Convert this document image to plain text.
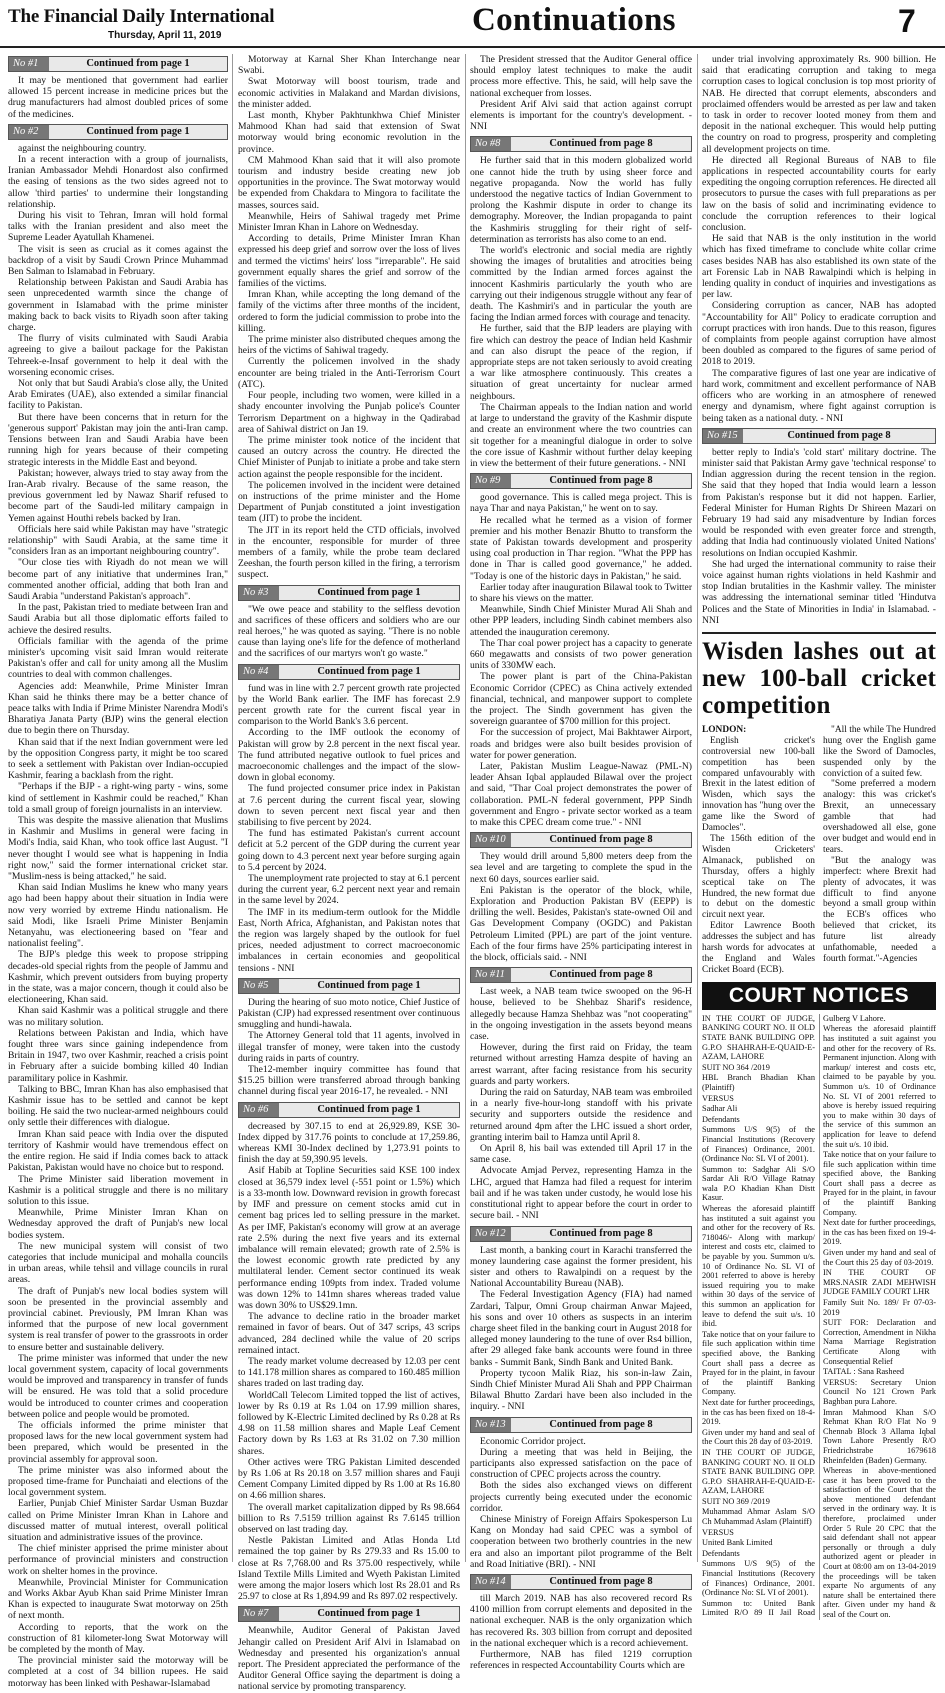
The Financial Daily International
Thursday, April 11, 2019	Continuations	7
No #1	Continued from page 1

It may be mentioned that government had earlier allowed 15 percent increase in medicine prices but the drug manufacturers had almost doubled prices of some of the medicines.

No #2	Continued from page 1

against the neighbouring country.

In a recent interaction with a group of journalists, Iranian Ambassador Mehdi Honardost also confirmed the easing of tensions as the two sides agreed not to allow 'third parties' to undermine their longstanding relationship.

During his visit to Tehran, Imran will hold formal talks with the Iranian president and also meet the Supreme Leader Ayatullah Khamenei.

The visit is seen as crucial as it comes against the backdrop of a visit by Saudi Crown Prince Muhammad Ben Salman to Islamabad in February.

Relationship between Pakistan and Saudi Arabia has seen unprecedented warmth since the change of government in Islamabad with the prime minister making back to back visits to Riyadh soon after taking charge.

The flurry of visits culminated with Saudi Arabia agreeing to give a bailout package for the Pakistan Tehreek-e-Insaf government to help it deal with the worsening economic crises.

Not only that but Saudi Arabia's close ally, the United Arab Emirates (UAE), also extended a similar financial facility to Pakistan.

But there have been concerns that in return for the 'generous support' Pakistan may join the anti-Iran camp. Tensions between Iran and Saudi Arabia have been running high for years because of their competing strategic interests in the Middle East and beyond.

Pakistan; however, always tried to stay away from the Iran-Arab rivalry. Because of the same reason, the previous government led by Nawaz Sharif refused to become part of the Saudi-led military campaign in Yemen against Houthi rebels backed by Iran.

Officials here said while Pakistan may have "strategic relationship" with Saudi Arabia, at the same time it "considers Iran as an important neighbouring country".

"Our close ties with Riyadh do not mean we will become part of any initiative that undermines Iran," commented another official, adding that both Iran and Saudi Arabia "understand Pakistan's approach".

In the past, Pakistan tried to mediate between Iran and Saudi Arabia but all those diplomatic efforts failed to achieve the desired results.

Officials familiar with the agenda of the prime minister's upcoming visit said Imran would reiterate Pakistan's offer and call for unity among all the Muslim countries to deal with common challenges.

Agencies add: Meanwhile, Prime Minister Imran Khan said he thinks there may be a better chance of peace talks with India if Prime Minister Narendra Modi's Bharatiya Janata Party (BJP) wins the general election due to begin there on Thursday.

Khan said that if the next Indian government were led by the opposition Congress party, it might be too scared to seek a settlement with Pakistan over Indian-occupied Kashmir, fearing a backlash from the right.

"Perhaps if the BJP - a right-wing party - wins, some kind of settlement in Kashmir could be reached," Khan told a small group of foreign journalists in an interview.

This was despite the massive alienation that Muslims in Kashmir and Muslims in general were facing in Modi's India, said Khan, who took office last August. "I never thought I would see what is happening in India right now," said the former international cricket star. "Muslim-ness is being attacked," he said.

Khan said Indian Muslims he knew who many years ago had been happy about their situation in India were now very worried by extreme Hindu nationalism. He said Modi, like Israeli Prime Minister Benjamin Netanyahu, was electioneering based on "fear and nationalist feeling".

The BJP's pledge this week to propose stripping decades-old special rights from the people of Jammu and Kashmir, which prevent outsiders from buying property in the state, was a major concern, though it could also be electioneering, Khan said.

Khan said Kashmir was a political struggle and there was no military solution.

Relations between Pakistan and India, which have fought three wars since gaining independence from Britain in 1947, two over Kashmir, reached a crisis point in February after a suicide bombing killed 40 Indian paramilitary police in Kashmir.

Talking to BBC, Imran Khan has also emphasised that Kashmir issue has to be settled and cannot be kept boiling. He said the two nuclear-armed neighbours could only settle their differences with dialogue.

Imran Khan said peace with India over the disputed territory of Kashmir would have tremendous effect on the entire region. He said if India comes back to attack Pakistan, Pakistan would have no choice but to respond.

The Prime Minister said liberation movement in Kashmir is a political struggle and there is no military solution to this issue.

Meanwhile, Prime Minister Imran Khan on Wednesday approved the draft of Punjab's new local bodies system.

The new municipal system will consist of two categories that include municipal and mohalla councils in urban areas, while tehsil and village councils in rural areas.

The draft of Punjab's new local bodies system will soon be presented in the provincial assembly and provincial cabinet. Previously, PM Imran Khan was informed that the purpose of new local government system is real transfer of power to the grassroots in order to ensure better and sustainable delivery.

The prime minister was informed that under the new local government system, capacity of local governments would be improved and transparency in transfer of funds will be ensured. He was told that a solid procedure would be introduced to counter crimes and cooperation between police and people would be promoted.

The officials informed the prime minister that proposed laws for the new local government system had been prepared, which would be presented in the provincial assembly for approval soon.

The prime minister was also informed about the proposed time-frame for Punchaiati and elections of the local government system.

Earlier, Punjab Chief Minister Sardar Usman Buzdar called on Prime Minister Imran Khan in Lahore and discussed matter of mutual interest, overall political situation and administrative issues of the province.

The chief minister apprised the prime minister about performance of provincial ministers and construction work on shelter homes in the province.

Meanwhile, Provincial Minister for Communication and Works Akbar Ayub Khan said Prime Minister Imran Khan is expected to inaugurate Swat motorway on 25th of next month.

According to reports, that the work on the construction of 81 kilometer-long Swat Motorway will be completed by the month of May.

The provincial minister said the motorway will be completed at a cost of 34 billion rupees. He said motorway has been linked with Peshawar-Islamabad

Motorway at Karnal Sher Khan Interchange near Swabi.

Swat Motorway will boost tourism, trade and economic activities in Malakand and Mardan divisions, the minister added.

Last month, Khyber Pakhtunkhwa Chief Minister Mahmood Khan had said that extension of Swat motorway would bring economic revolution in the province.

CM Mahmood Khan said that it will also promote tourism and industry beside creating new job opportunities in the province. The Swat motorway would be expended from Chakdara to Mingora to facilitate the masses, sources said.

Meanwhile, Heirs of Sahiwal tragedy met Prime Minister Imran Khan in Lahore on Wednesday.

According to details, Prime Minister Imran Khan expressed his deep grief and sorrow over the loss of lives and termed the victims' heirs' loss "irreparable". He said government equally shares the grief and sorrow of the families of the victims.

Imran Khan, while accepting the long demand of the family of the victims after three months of the incident, ordered to form the judicial commission to probe into the killing.

The prime minister also distributed cheques among the heirs of the victims of Sahiwal tragedy.

Currently the policemen involved in the shady encounter are being trialed in the Anti-Terrorism Court (ATC).

Four people, including two women, were killed in a shady encounter involving the Punjab police's Counter Terrorism Department on a highway in the Qadirabad area of Sahiwal district on Jan 19.

The prime minister took notice of the incident that caused an outcry across the country. He directed the Chief Minister of Punjab to initiate a probe and take stern action against the people responsible for the incident.

The policemen involved in the incident were detained on instructions of the prime minister and the Home Department of Punjab constituted a joint investigation team (JIT) to probe the incident.

The JIT in its report held the CTD officials, involved in the encounter, responsible for murder of three members of a family, while the probe team declared Zeeshan, the fourth person killed in the firing, a terrorism suspect.

No #3	Continued from page 1

"We owe peace and stability to the selfless devotion and sacrifices of these officers and soldiers who are our real heroes," he was quoted as saying. "There is no noble cause than laying one's life for the defence of motherland and the sacrifices of our martyrs won't go waste."

No #4	Continued from page 1

fund was in line with 2.7 percent growth rate projected by the World Bank earlier. The IMF has forecast 2.9 percent growth rate for the current fiscal year in comparison to the World Bank's 3.6 percent.

According to the IMF outlook the economy of Pakistan will grow by 2.8 percent in the next fiscal year. The fund attributed negative outlook to fuel prices and macroeconomic challenges and the impact of the slow-down in global economy.

The fund projected consumer price index in Pakistan at 7.6 percent during the current fiscal year, slowing down to seven percent next fiscal year and then stabilising to five percent by 2024.

The fund has estimated Pakistan's current account deficit at 5.2 percent of the GDP during the current year going down to 4.3 percent next year before surging again to 5.4 percent by 2024.

The unemployment rate projected to stay at 6.1 percent during the current year, 6.2 percent next year and remain in the same level by 2024.

The IMF in its medium-term outlook for the Middle East, North Africa, Afghanistan, and Pakistan notes that the region was largely shaped by the outlook for fuel prices, needed adjustment to correct macroeconomic imbalances in certain economies and geopolitical tensions - NNI

No #5	Continued from page 1

During the hearing of suo moto notice, Chief Justice of Pakistan (CJP) had expressed resentment over continuous smuggling and hundi-hawala.

The Attorney General told that 11 agents, involved in illegal transfer of money, were taken into the custody during raids in parts of country.

The12-member inquiry committee has found that $15.25 billion were transferred abroad through banking channel during fiscal year 2016-17, he revealed. - NNI

No #6	Continued from page 1

decreased by 307.15 to end at 26,929.89, KSE 30-Index dipped by 317.76 points to conclude at 17,259.86, whereas KMI 30-Index declined by 1,273.91 points to finish the day at 59,390.95 levels.

Asif Habib at Topline Securities said KSE 100 index closed at 36,579 index level (-551 point or 1.5%) which is a 33-month low. Downward revision in growth forecast by IMF and pressure on cement stocks amid cut in cement bag prices led to selling pressure in the market. As per IMF, Pakistan's economy will grow at an average rate 2.5% during the next five years and its external imbalance will remain elevated; growth rate of 2.5% is the lowest economic growth rate predicted by any multilateral lender. Cement sector continued its weak performance ending 109pts from index. Traded volume was down 12% to 141mn shares whereas traded value was down 30% to US$29.1mn.

The advance to decline ratio in the broader market remained in favor of bears. Out of 347 scrips, 43 scrips advanced, 284 declined while the value of 20 scrips remained intact.

The ready market volume decreased by 12.03 per cent to 141.178 million shares as compared to 160.485 million shares traded on last trading day.

WorldCall Telecom Limited topped the list of actives, lower by Rs 0.19 at Rs 1.04 on 17.99 million shares, followed by K-Electric Limited declined by Rs 0.28 at Rs 4.98 on 11.58 million shares and Maple Leaf Cement Factory down by Rs 1.63 at Rs 31.02 on 7.30 million shares.

Other actives were TRG Pakistan Limited descended by Rs 1.06 at Rs 20.18 on 3.57 million shares and Fauji Cement Company Limited dipped by Rs 1.00 at Rs 16.80 on 4.66 million shares.

The overall market capitalization dipped by Rs 98.664 billion to Rs 7.5159 trillion against Rs 7.6145 trillion observed on last trading day.

Nestle Pakistan Limited and Atlas Honda Ltd remained the top gainer by Rs 279.33 and Rs 15.00 to close at Rs 7,768.00 and Rs 375.00 respectively, while Island Textile Mills Limited and Wyeth Pakistan Limited were among the major losers which lost Rs 28.01 and Rs 25.97 to close at Rs 1,894.99 and Rs 897.02 respectively.

No #7	Continued from page 1

Meanwhile, Auditor General of Pakistan Javed Jehangir called on President Arif Alvi in Islamabad on Wednesday and presented his organization's annual report. The President appreciated the performance of the Auditor General Office saying the department is doing a national service by promoting transparency.

The President stressed that the Auditor General office should employ latest techniques to make the audit process more effective. This, he said, will help save the national exchequer from losses.

President Arif Alvi said that action against corrupt elements is important for the country's development. - NNI

No #8	Continued from page 8

He further said that in this modern globalized world one cannot hide the truth by using sheer force and negative propaganda. Now the world has fully understood the negative tactics of Indian Government to prolong the Kashmir dispute in order to change its demography. Moreover, the Indian propaganda to paint the Kashmiris struggling for their right of self-determination as terrorists has also come to an end.

The world's electronic and social media are rightly showing the images of brutalities and atrocities being committed by the Indian armed forces against the innocent Kashmiris particularly the youth who are carrying out their indigenous struggle without any fear of death. The Kashmiri's and in particular the youth are facing the Indian armed forces with courage and tenacity.

He further, said that the BJP leaders are playing with fire which can destroy the peace of Indian held Kashmir and can also disrupt the peace of the region, if appropriate steps are not taken seriously to avoid creating a war like atmosphere continuously. This creates a situation of great uncertainty for nuclear armed neighbours.

The Chairman appeals to the Indian nation and world at large to understand the gravity of the Kashmir dispute and create an environment where the two countries can sit together for a meaningful dialogue in order to solve the core issue of Kashmir without further delay keeping in view the betterment of their future generations. - NNI

No #9	Continued from page 8

good governance. This is called mega project. This is naya Thar and naya Pakistan," he went on to say.

He recalled what he termed as a vision of former premier and his mother Benazir Bhutto to transform the state of Pakistan towards development and prosperity using coal production in Thar region. "What the PPP has done in Thar is called good governance," he added. "Today is one of the historic days in Pakistan," he said.

Earlier today after inauguration Bilawal took to Twitter to share his views on the matter.

Meanwhile, Sindh Chief Minister Murad Ali Shah and other PPP leaders, including Sindh cabinet members also attended the inauguration ceremony.

The Thar coal power project has a capacity to generate 660 megawatts and consists of two power generation units of 330MW each.

The power plant is part of the China-Pakistan Economic Corridor (CPEC) as China actively extended financial, technical, and manpower support to complete the project. The Sindh government has given the sovereign guarantee of $700 million for this project.

For the succession of project, Mai Bakhtawer Airport, roads and bridges were also built besides provision of water for power generation.

Later, Pakistan Muslim League-Nawaz (PML-N) leader Ahsan Iqbal applauded Bilawal over the project and said, "Thar Coal project demonstrates the power of collaboration. PML-N federal government, PPP Sindh government and Engro - private sector worked as a team to make this CPEC dream come true." - NNI

No #10	Continued from page 8

They would drill around 5,800 meters deep from the sea level and are targeting to complete the spud in the next 60 days, sources earlier said.

Eni Pakistan is the operator of the block, while, Exploration and Production Pakistan BV (EEPP) is drilling the well. Besides, Pakistan's state-owned Oil and Gas Development Company (OGDC) and Pakistan Petroleum Limited (PPL) are part of the joint venture. Each of the four firms have 25% participating interest in the block, officials said. - NNI

No #11	Continued from page 8

Last week, a NAB team twice swooped on the 96-H house, believed to be Shehbaz Sharif's residence, allegedly because Hamza Shehbaz was "not cooperating" in the ongoing investigation in the assets beyond means case.

However, during the first raid on Friday, the team returned without arresting Hamza despite of having an arrest warrant, after facing resistance from his security guards and party workers.

During the raid on Saturday, NAB team was embroiled in a nearly five-hour-long standoff with his private security and supporters outside the residence and returned around 4pm after the LHC issued a short order, granting interim bail to Hamza until April 8.

On April 8, his bail was extended till April 17 in the same case.

Advocate Amjad Pervez, representing Hamza in the LHC, argued that Hamza had filed a request for interim bail and if he was taken under custody, he would lose his constitutional right to appear before the court in order to secure bail. - NNI

No #12	Continued from page 8

Last month, a banking court in Karachi transferred the money laundering case against the former president, his sister and others to Rawalpindi on a request by the National Accountability Bureau (NAB).

The Federal Investigation Agency (FIA) had named Zardari, Talpur, Omni Group chairman Anwar Majeed, his sons and over 10 others as suspects in an interim charge sheet filed in the banking court in August 2018 for alleged money laundering to the tune of over Rs4 billion, after 29 alleged fake bank accounts were found in three banks - Summit Bank, Sindh Bank and United Bank.

Property tycoon Malik Riaz, his son-in-law Zain, Sindh Chief Minister Murad Ali Shah and PPP Chairman Bilawal Bhutto Zardari have been also included in the inquiry. - NNI

No #13	Continued from page 8

Economic Corridor project.

During a meeting that was held in Beijing, the participants also expressed satisfaction on the pace of construction of CPEC projects across the country.

Both the sides also exchanged views on different projects currently being executed under the economic corridor.

Chinese Ministry of Foreign Affairs Spokesperson Lu Kang on Monday had said CPEC was a symbol of cooperation between two brotherly countries in the new era and also an important pilot programme of the Belt and Road Initiative (BRI). - NNI

No #14	Continued from page 8

till March 2019. NAB has also recovered record Rs 4100 million from corrupt elements and deposited in the national exchequer. NAB is the only organization which has recovered Rs. 303 billion from corrupt and deposited in the national exchequer which is a record achievement.

Furthermore, NAB has filed 1219 corruption references in respected Accountability Courts which are

under trial involving approximately Rs. 900 billion. He said that eradicating corruption and taking to mega corruption cases to logical conclusion is top most priority of NAB. He directed that corrupt elements, absconders and proclaimed offenders would be arrested as per law and taken to task in order to recover looted money from them and deposit in the national exchequer. This would help putting the country on road to progress, prosperity and completing all development projects on time.

He directed all Regional Bureaus of NAB to file applications in respected accountability courts for early expediting the ongoing corruption references. He directed all prosecutors to pursue the cases with full preparations as per law on the basis of solid and incriminating evidence to conclude the corruption references to their logical conclusion.

He said that NAB is the only institution in the world which has fixed timeframe to conclude white collar crime cases besides NAB has also established its own state of the art Forensic Lab in NAB Rawalpindi which is helping in lending quality in conduct of inquiries and investigations as per law.

Considering corruption as cancer, NAB has adopted "Accountability for All" Policy to eradicate corruption and corrupt practices with iron hands. Due to this reason, figures of complaints from people against corruption have almost been doubled as compared to the figures of same period of 2018 to 2019.

The comparative figures of last one year are indicative of hard work, commitment and excellent performance of NAB officers who are working in an atmosphere of renewed energy and dynamism, where fight against corruption is being taken as a national duty. - NNI

No #15	Continued from page 8

better reply to India's 'cold start' military doctrine. The minister said that Pakistan Army gave 'technical response' to Indian aggression during the recent tension in the region. She said that they hoped that India would learn a lesson from Pakistan's response but it did not happen. Earlier, Federal Minister for Human Rights Dr Shireen Mazari on February 19 had said any misadventure by Indian forces would be responded with even greater force and strength, adding that India had continuously violated United Nations' resolutions on Indian occupied Kashmir.

She had urged the international community to raise their voice against human rights violations in held Kashmir and stop Indian brutalities in the Kashmir valley. The minister was addressing the international seminar titled 'Hindutva Polices and the State of Minorities in India' in Islamabad. - NNI

Wisden lashes out at new 100-ball cricket competition
LONDON:

English cricket's controversial new 100-ball competition has been compared unfavourably with Brexit in the latest edition of Wisden, which says the innovation has "hung over the game like the Sword of Damocles".

The 156th edition of the Wisden Cricketers' Almanack, published on Thursday, offers a highly sceptical take on The Hundred, the new format due to debut on the domestic circuit next year.

Editor Lawrence Booth addresses the subject and has harsh words for advocates at the England and Wales Cricket Board (ECB).

"All the while The Hundred hung over the English game like the Sword of Damocles, suspended only by the conviction of a suited few.

"Some preferred a modern analogy: this was cricket's Brexit, an unnecessary gamble that had overshadowed all else, gone over budget and would end in tears.

"But the analogy was imperfect: where Brexit had plenty of advocates, it was difficult to find anyone beyond a small group within the ECB's offices who believed that cricket, its future list already unfathomable, needed a fourth format."-Agencies

COURT NOTICES

IN THE COURT OF JUDGE, BANKING COURT NO. II OLD STATE BANK BUILDING OPP. G.P.O SHAHRAH-E-QUAID-E-AZAM, LAHORE

SUIT NO 364 /2019

HBL Branch Bhadian Khan (Plaintiff)

VERSUS

Sadhar Ali

Defendants

Summons U/S 9(5) of the Financial Institutions (Recovery of Finances) Ordinance, 2001. (Ordinance No: SL VI of 2001).

Summon to: Sadghar Ali S/O Sardar Ali R/O Village Ratnay wala P.O Khadian Khan Distt Kasur.

Whereas the aforesaid plaintiff has instituted a suit against you and other for the recovery of Rs. 718046/- Along with markup/ interest and costs etc, claimed to be payable by you. Summon u/s. 10 of Ordinance No. SL VI of 2001 referred to above is hereby issued requiring you to make within 30 days of the service of this summon an application for leave to defend the suit u/s. 10 ibid.

Take notice that on your failure to file such application within time specified above, the Banking Court shall pass a decree as Prayed for in the plaint, in favour of the plaintiff Banking Company.

Next date for further proceedings, in the cas has been fixed on 18-4-2019.

Given under my hand and seal of the Court this 28 day of 03-2019.

IN THE COURT OF JUDGE, BANKING COURT NO. II OLD STATE BANK BUILDING OPP. G.P.O SHAHRAH-E-QUAID-E-AZAM, LAHORE

SUIT NO 369 /2019

Muhammad Ahmar Aslam S/O Ch Muhammad Aslam (Plaintiff)

VERSUS

United Bank Limited

Defendants

Summons U/S 9(5) of the Financial Institutions (Recovery of Finances) Ordinance, 2001. (Ordinance No: SL VI of 2001).

Summon to: United Bank Limited R/O 89 II Jail Road Gulberg V Lahore.

Whereas the aforesaid plaintiff has instituted a suit against you and other for the recovery of Rs. Permanent injunction. Along with markup/ interest and costs etc, claimed to be payable by you. Summon u/s. 10 of Ordinance No. SL VI of 2001 referred to above is hereby issued requiring you to make within 30 days of the service of this summon an application for leave to defend the suit u/s. 10 ibid.

Take notice that on your failure to file such application within time specified above, the Banking Court shall pass a decree as Prayed for in the plaint, in favour of the plaintiff Banking Company.

Next date for further proceedings, in the cas has been fixed on 19-4-2019.

Given under my hand and seal of the Court this 25 day of 03-2019.

IN THE COURT OF MRS.NASIR ZADI MEHWISH JUDGE FAMILY COURT LHR

Family Suit No. 189/ Fr 07-03-2019

SUIT FOR: Declaration and Correction, Amendment in Nikha Nama Marriage Registration Certificate Along with Consequential Relief

TAITAL : Sana Rasheed

VERSUS: Secretary Union Council No 121 Crown Park Baghban pura Lahore.

Imran Mahmood Khan S/O Rehmat Khan R/O Flat No 9 Chennab Block 3 Allama Iqbal Town Lahore Presently R/O Friedrichstrabe 1679618 Rheinfelden (Baden) Germany.

Whereas in above-mentioned case it has been proved to the satisfaction of the Court that the above mentioned defendant served in the ordinary way. It is therefore, proclaimed under Order 5 Rule 20 CPC that the said defendant shall not appear personally or through a duly authorized agent or pleader in Court at 08:00 am on 13-04-2019 the proceedings will be taken exparte No arguments of any nature shall be entertained there after. Given under my hand & seal of the Court on.
